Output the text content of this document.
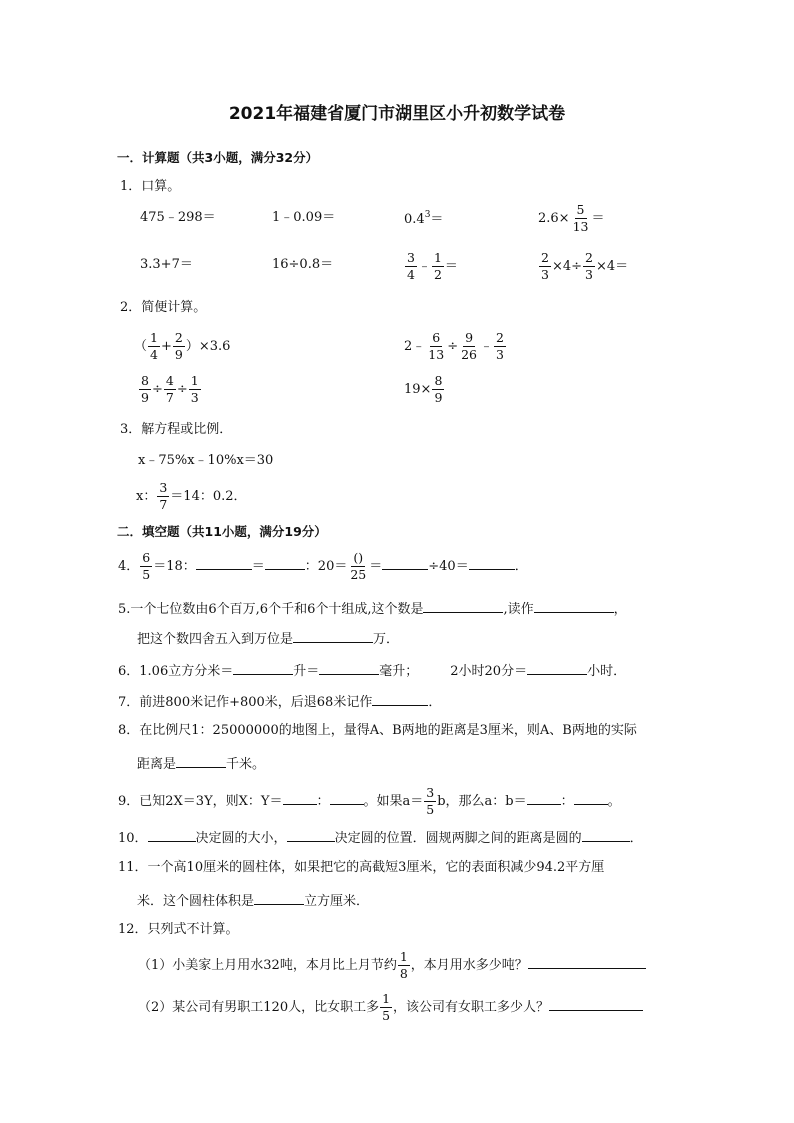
2021年福建省厦门市湖里区小升初数学试卷
一．计算题（共3小题，满分32分）
1．口算。
475﹣298＝	1﹣0.09＝	$0.4^3=$	$2.6\times \frac{5}{13}$ ＝
3.3+7＝	16÷0.8＝	$\frac{3}{4}$ ﹣ $\frac{1}{2}$ ＝	$\frac{2}{3} \times 4\div \frac{2}{3} \times 4=$
2．简便计算。
（ $\frac{1}{4} + \frac{2}{9} )\times 3.6$	2﹣ $\frac{6}{13} \div \frac{9}{26}$ ﹣ $\frac{2}{3}$
$\frac{8}{9} \div \frac{4}{7} \div \frac{1}{3}$	$19\times \frac{8}{9}$
3．解方程或比例．
x﹣75%x﹣10%x＝30
x： $\frac{3}{7} =14$：0.2．
二．填空题（共11小题，满分19分）
4． $\frac{6}{5} =18$：	＝	：$20= \frac{()}{25}$ ＝	÷40＝	．
5.一个七位数由6个百万,6个千和6个十组成,这个数是	,读作	，
把这个数四舍五入到万位是	万．
6．1.06立方分米＝	升＝	毫升； 2小时20分＝	小时．
7．前进800米记作+800米，后退68米记作	．
8．在比例尺1：25000000的地图上，量得A、B两地的距离是3厘米，则A、B两地的实际
距离是	千米。
9．已知2X＝3Y，则X：Y＝	：	。如果$a= \frac{3}{5}$ b，那么a：b＝	：	。
10．	决定圆的大小，	决定圆的位置．圆规两脚之间的距离是圆的	．
11．一个高10厘米的圆柱体，如果把它的高截短3厘米，它的表面积减少94.2平方厘
米．这个圆柱体积是	立方厘米．
12．只列式不计算。
（1）小美家上月用水32吨，本月比上月节约 $\frac{1}{8}$ ，本月用水多少吨？
（2）某公司有男职工120人，比女职工多 $\frac{1}{5}$ ，该公司有女职工多少人？
